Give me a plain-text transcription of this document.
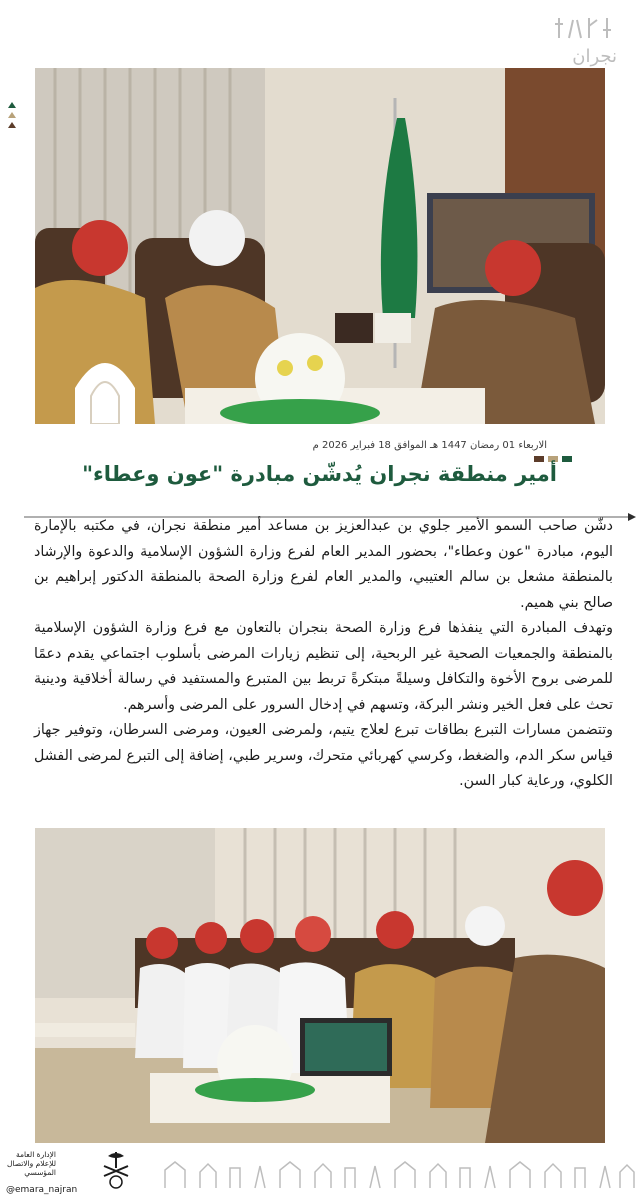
نجران
الاربعاء 01 رمضان 1447 هـ الموافق 18 فبراير 2026 م
أمير منطقة نجران يُدشّن مبادرة "عون وعطاء"

دشّن صاحب السمو الأمير جلوي بن عبدالعزيز بن مساعد أمير منطقة نجران، في مكتبه بالإمارة اليوم، مبادرة "عون وعطاء"، بحضور المدير العام لفرع وزارة الشؤون الإسلامية والدعوة والإرشاد بالمنطقة مشعل بن سالم العتيبي، والمدير العام لفرع وزارة الصحة بالمنطقة الدكتور إبراهيم بن صالح بني هميم.

وتهدف المبادرة التي ينفذها فرع وزارة الصحة بنجران بالتعاون مع فرع وزارة الشؤون الإسلامية بالمنطقة والجمعيات الصحية غير الربحية، إلى تنظيم زيارات المرضى بأسلوب اجتماعي يقدم دعمًا للمرضى بروح الأخوة والتكافل وسيلةً مبتكرةً تربط بين المتبرع والمستفيد في رسالة أخلاقية ودينية تحث على فعل الخير ونشر البركة، وتسهم في إدخال السرور على المرضى وأسرهم.

وتتضمن مسارات التبرع بطاقات تبرع لعلاج يتيم، ولمرضى العيون، ومرضى السرطان، وتوفير جهاز قياس سكر الدم، والضغط، وكرسي كهربائي متحرك، وسرير طبي، إضافة إلى التبرع لمرضى الفشل الكلوي، ورعاية كبار السن.

الإدارة العامة للإعلام والاتصال المؤسسي
@emara_najran
